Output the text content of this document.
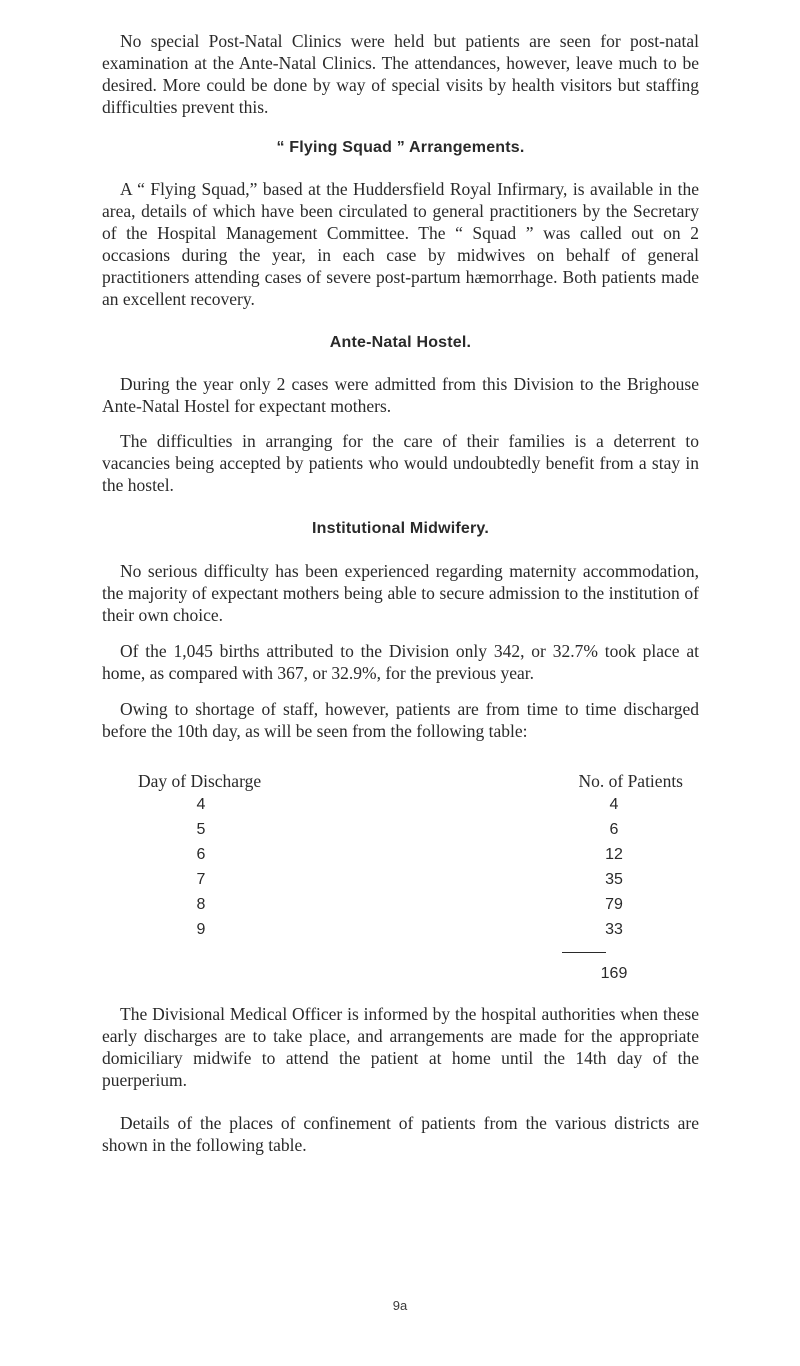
No special Post-Natal Clinics were held but patients are seen for post-natal examination at the Ante-Natal Clinics. The attendances, however, leave much to be desired. More could be done by way of special visits by health visitors but staffing difficulties prevent this.

“ Flying Squad ” Arrangements.

A “ Flying Squad,” based at the Huddersfield Royal Infirmary, is available in the area, details of which have been circulated to general practitioners by the Secretary of the Hospital Management Committee. The “ Squad ” was called out on 2 occasions during the year, in each case by midwives on behalf of general practitioners attending cases of severe post-partum hæmorrhage. Both patients made an excellent recovery.

Ante-Natal Hostel.

During the year only 2 cases were admitted from this Division to the Brighouse Ante-Natal Hostel for expectant mothers.

The difficulties in arranging for the care of their families is a deterrent to vacancies being accepted by patients who would undoubtedly benefit from a stay in the hostel.

Institutional Midwifery.

No serious difficulty has been experienced regarding maternity accommodation, the majority of expectant mothers being able to secure admission to the institution of their own choice.

Of the 1,045 births attributed to the Division only 342, or 32.7% took place at home, as compared with 367, or 32.9%, for the previous year.

Owing to shortage of staff, however, patients are from time to time discharged before the 10th day, as will be seen from the following table:

Day of Discharge	No. of Patients
4	4
5	6
6	12
7	35
8	79
9	33
169

The Divisional Medical Officer is informed by the hospital authorities when these early discharges are to take place, and arrangements are made for the appropriate domiciliary midwife to attend the patient at home until the 14th day of the puerperium.

Details of the places of confinement of patients from the various districts are shown in the following table.

9a
